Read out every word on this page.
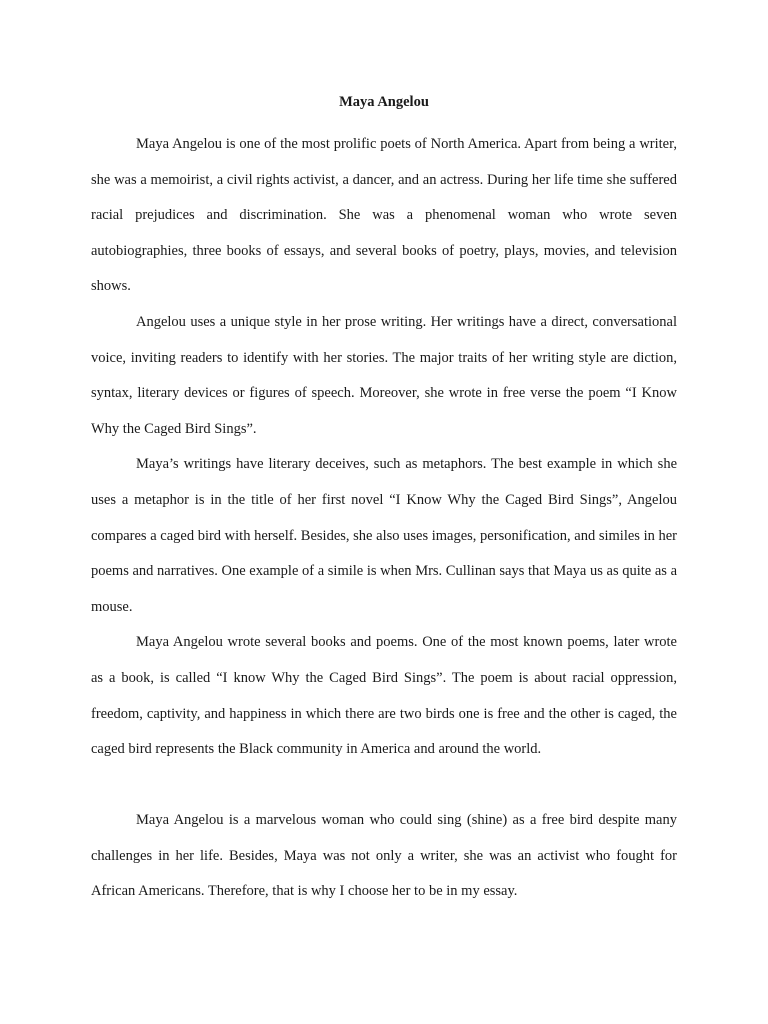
Maya Angelou

Maya Angelou is one of the most prolific poets of North America. Apart from being a writer, she was a memoirist, a civil rights activist, a dancer, and an actress. During her life time she suffered racial prejudices and discrimination. She was a phenomenal woman who wrote seven autobiographies, three books of essays, and several books of poetry, plays, movies, and television shows.

Angelou uses a unique style in her prose writing. Her writings have a direct, conversational voice, inviting readers to identify with her stories. The major traits of her writing style are diction, syntax, literary devices or figures of speech. Moreover, she wrote in free verse the poem “I Know Why the Caged Bird Sings”.

Maya’s writings have literary deceives, such as metaphors. The best example in which she uses a metaphor is in the title of her first novel “I Know Why the Caged Bird Sings”, Angelou compares a caged bird with herself. Besides, she also uses images, personification, and similes in her poems and narratives. One example of a simile is when Mrs. Cullinan says that Maya us as quite as a mouse.

Maya Angelou wrote several books and poems. One of the most known poems, later wrote as a book, is called “I know Why the Caged Bird Sings”. The poem is about racial oppression, freedom, captivity, and happiness in which there are two birds one is free and the other is caged, the caged bird represents the Black community in America and around the world.

Maya Angelou is a marvelous woman who could sing (shine) as a free bird despite many challenges in her life. Besides, Maya was not only a writer, she was an activist who fought for African Americans. Therefore, that is why I choose her to be in my essay.
